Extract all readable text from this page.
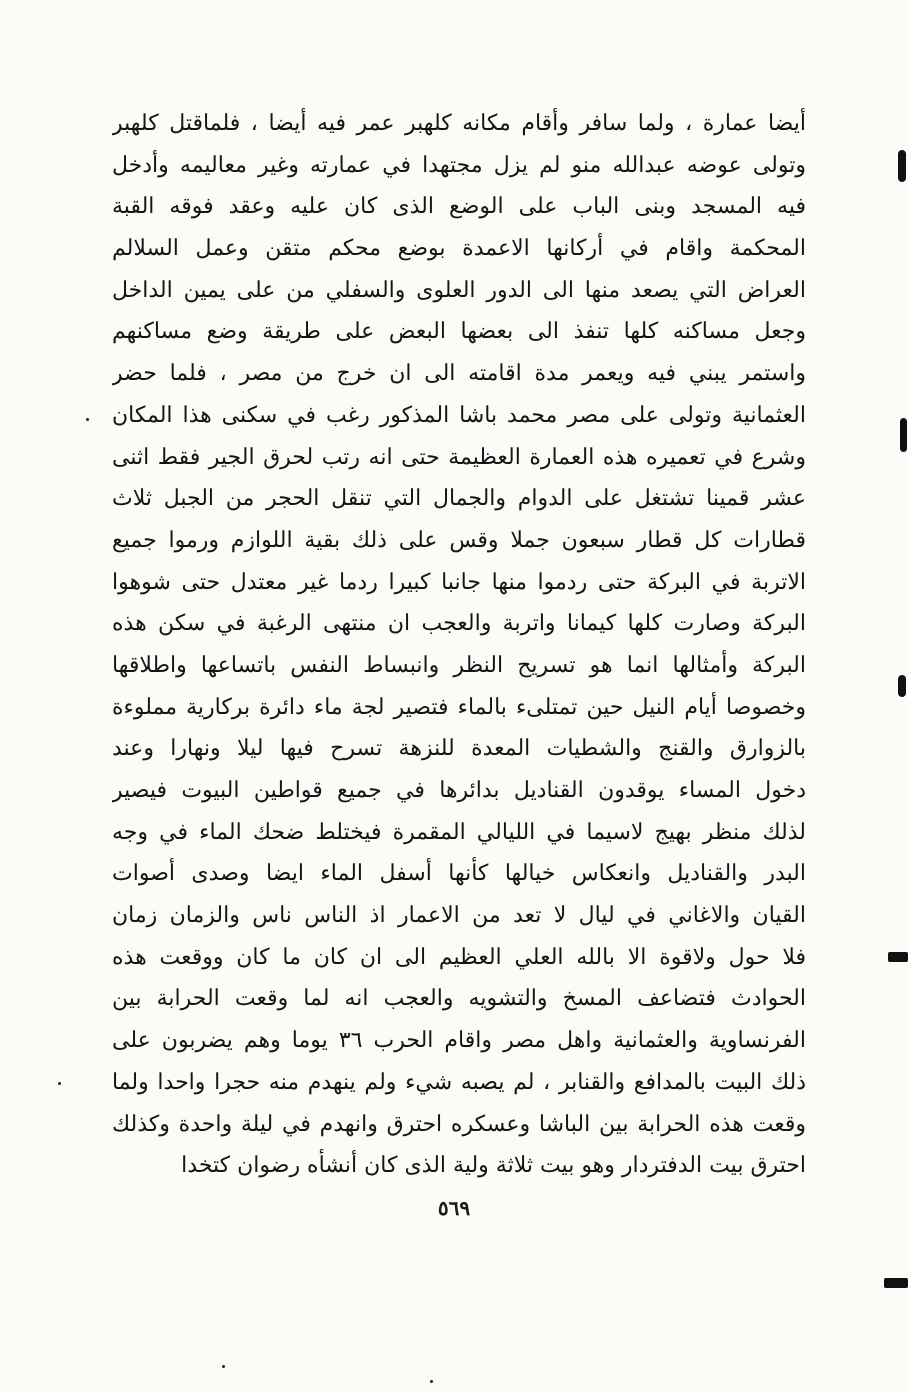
أيضا عمارة ، ولما سافر وأقام مكانه كلهبر عمر فيه أيضا ، فلماقتل كلهبر
وتولى عوضه عبدالله منو لم يزل مجتهدا في عمارته وغير معاليمه وأدخل
فيه المسجد وبنى الباب على الوضع الذى كان عليه وعقد فوقه القبة
المحكمة واقام في أركانها الاعمدة بوضع محكم متقن وعمل السلالم
العراض التي يصعد منها الى الدور العلوى والسفلي من على يمين الداخل
وجعل مساكنه كلها تنفذ الى بعضها البعض على طريقة وضع مساكنهم
واستمر يبني فيه ويعمر مدة اقامته الى ان خرج من مصر ، فلما حضر
العثمانية وتولى على مصر محمد باشا المذكور رغب في سكنى هذا المكان
وشرع في تعميره هذه العمارة العظيمة حتى انه رتب لحرق الجير فقط اثنى
عشر قمينا تشتغل على الدوام والجمال التي تنقل الحجر من الجبل ثلاث
قطارات كل قطار سبعون جملا وقس على ذلك بقية اللوازم ورموا جميع
الاتربة في البركة حتى ردموا منها جانبا كبيرا ردما غير معتدل حتى شوهوا
البركة وصارت كلها كيمانا واتربة والعجب ان منتهى الرغبة في سكن هذه
البركة وأمثالها انما هو تسريح النظر وانبساط النفس باتساعها واطلاقها
وخصوصا أيام النيل حين تمتلىء بالماء فتصير لجة ماء دائرة بركارية مملوءة
بالزوارق والقنج والشطيات المعدة للنزهة تسرح فيها ليلا ونهارا وعند
دخول المساء يوقدون القناديل بدائرها في جميع قواطين البيوت فيصير
لذلك منظر بهيج لاسيما في الليالي المقمرة فيختلط ضحك الماء في وجه
البدر والقناديل وانعكاس خيالها كأنها أسفل الماء ايضا وصدى أصوات
القيان والاغاني في ليال لا تعد من الاعمار اذ الناس ناس والزمان زمان
فلا حول ولاقوة الا بالله العلي العظيم الى ان كان ما كان ووقعت هذه
الحوادث فتضاعف المسخ والتشويه والعجب انه لما وقعت الحرابة بين
الفرنساوية والعثمانية واهل مصر واقام الحرب ٣٦ يوما وهم يضربون على
ذلك البيت بالمدافع والقنابر ، لم يصبه شيء ولم ينهدم منه حجرا واحدا ولما
وقعت هذه الحرابة بين الباشا وعسكره احترق وانهدم في ليلة واحدة وكذلك
احترق بيت الدفتردار وهو بيت ثلاثة ولية الذى كان أنشأه رضوان كتخدا
٥٦٩
